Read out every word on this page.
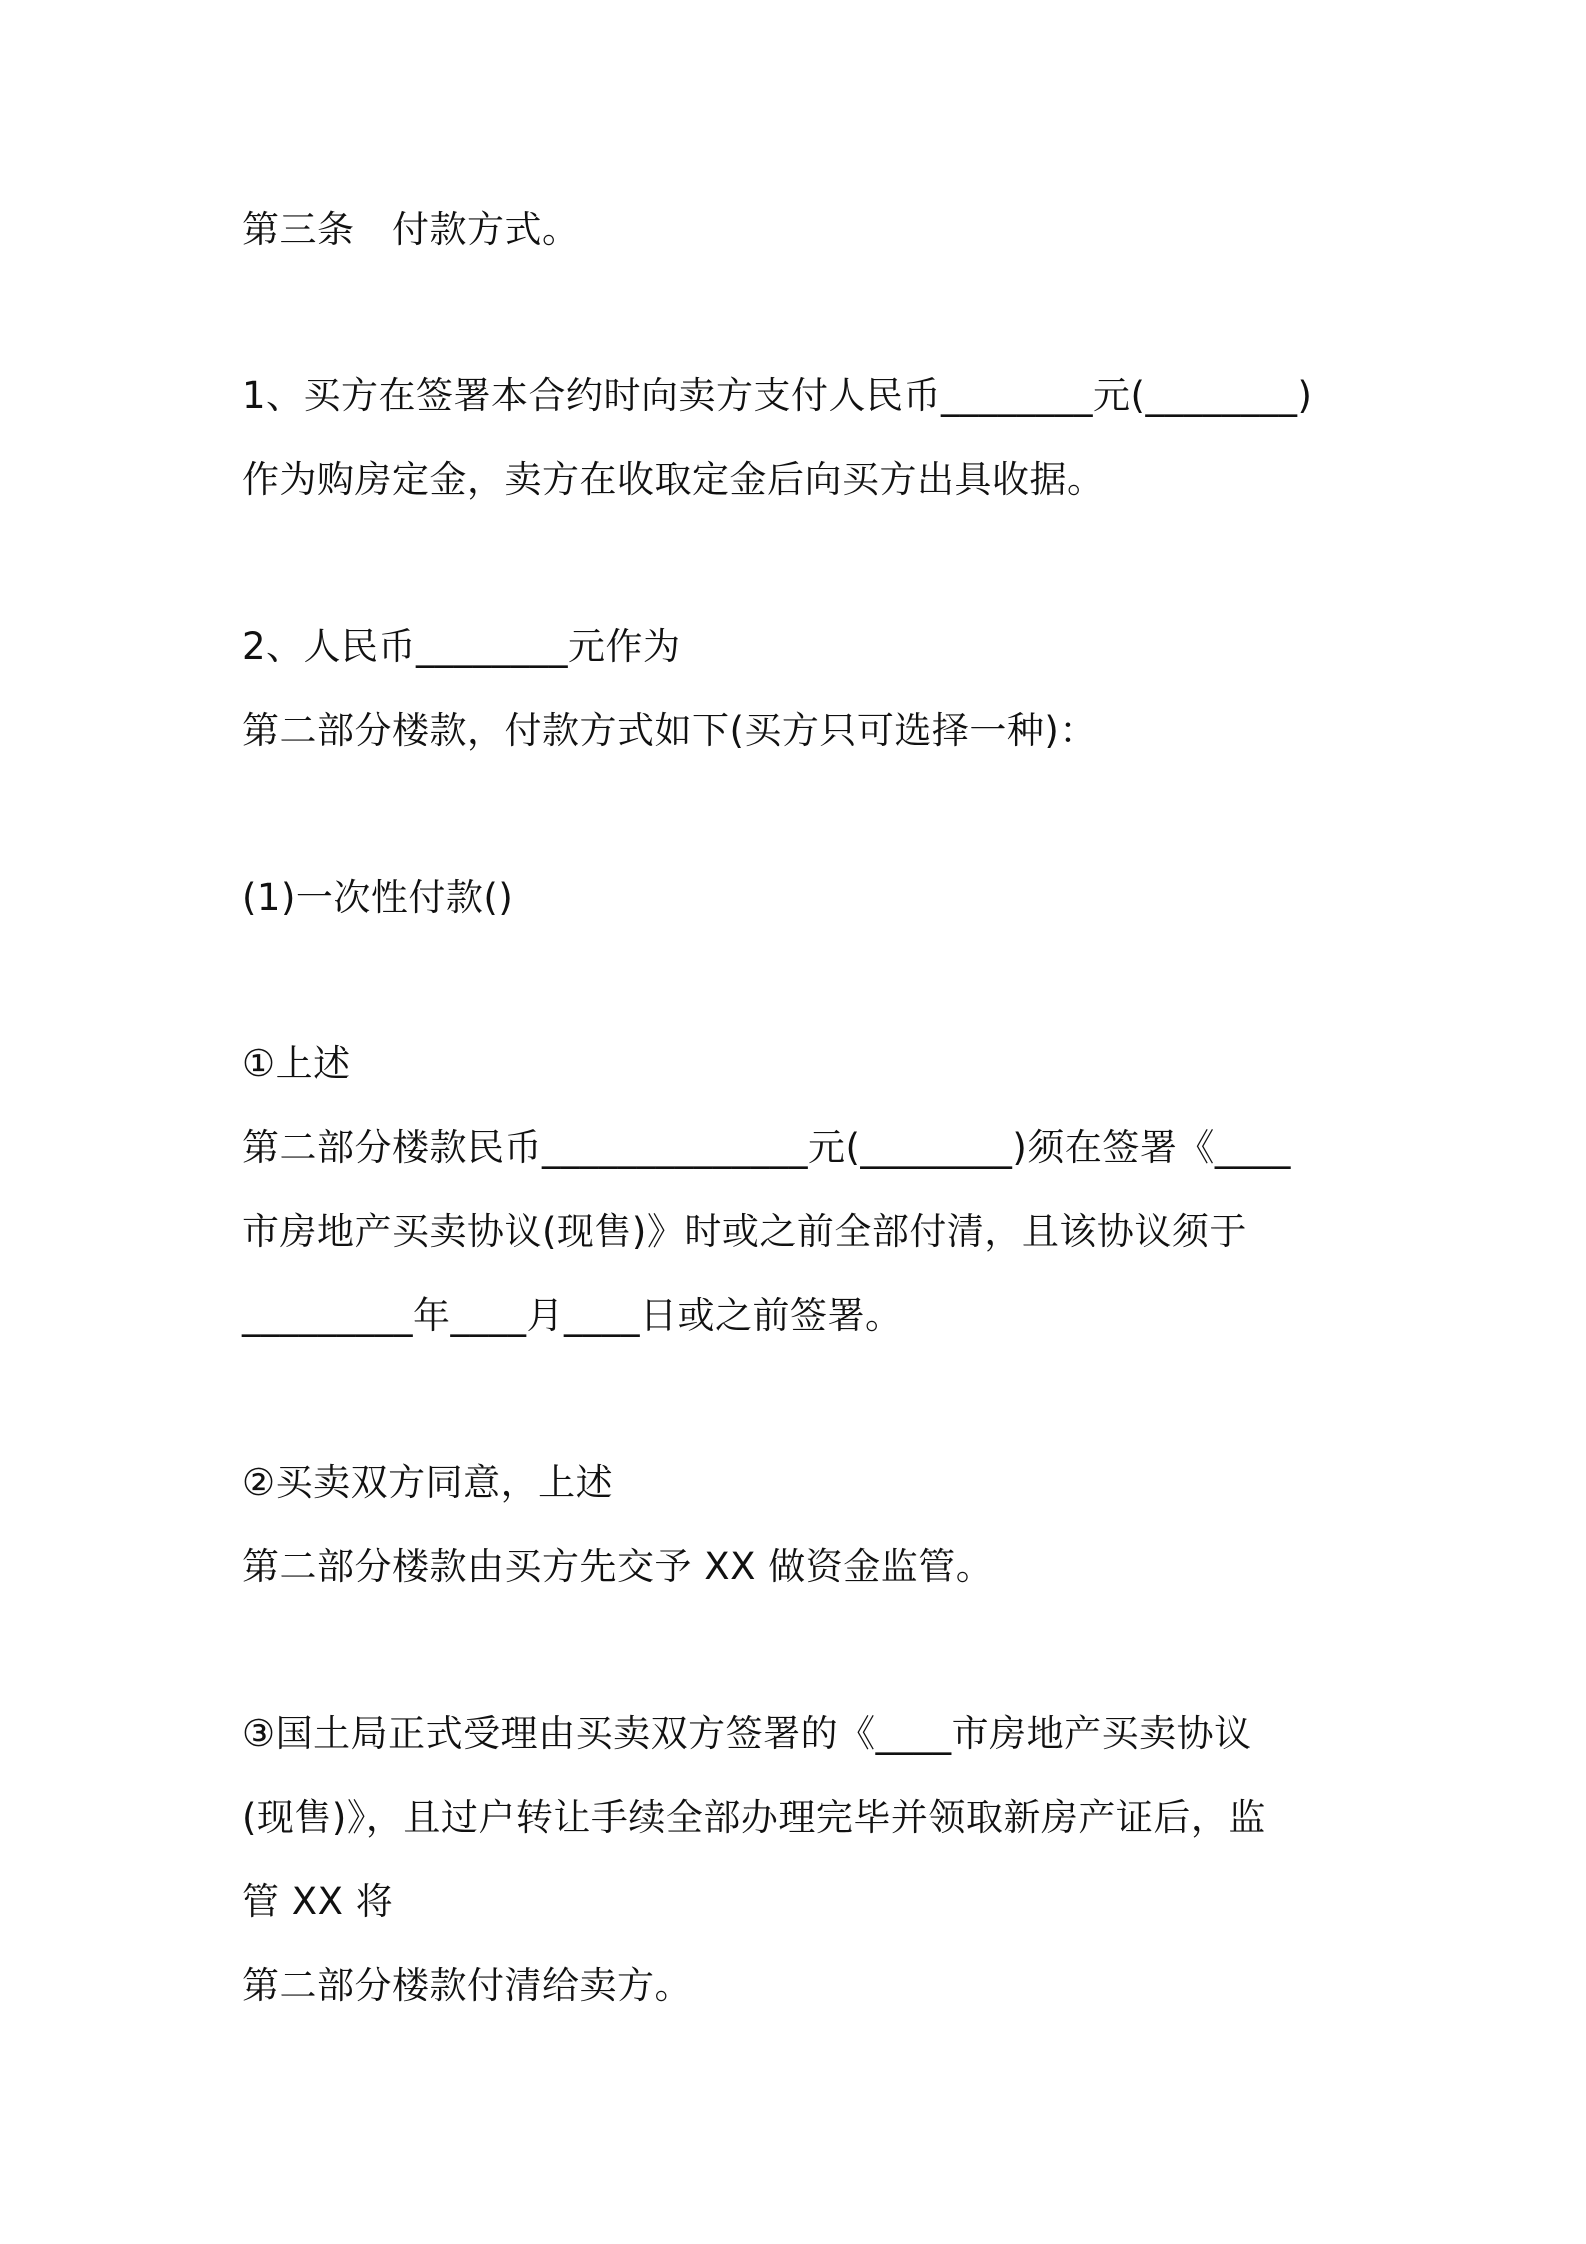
第三条　付款方式。
1、买方在签署本合约时向卖方支付人民币________元(________)
作为购房定金，卖方在收取定金后向买方出具收据。
2、人民币________元作为
第二部分楼款，付款方式如下(买方只可选择一种)：
(1)一次性付款()
①上述
第二部分楼款民币______________元(________)须在签署《____
市房地产买卖协议(现售)》时或之前全部付清，且该协议须于
_________年____月____日或之前签署。
②买卖双方同意，上述
第二部分楼款由买方先交予 XX 做资金监管。
③国土局正式受理由买卖双方签署的《____市房地产买卖协议
(现售)》，且过户转让手续全部办理完毕并领取新房产证后，监
管 XX 将
第二部分楼款付清给卖方。
